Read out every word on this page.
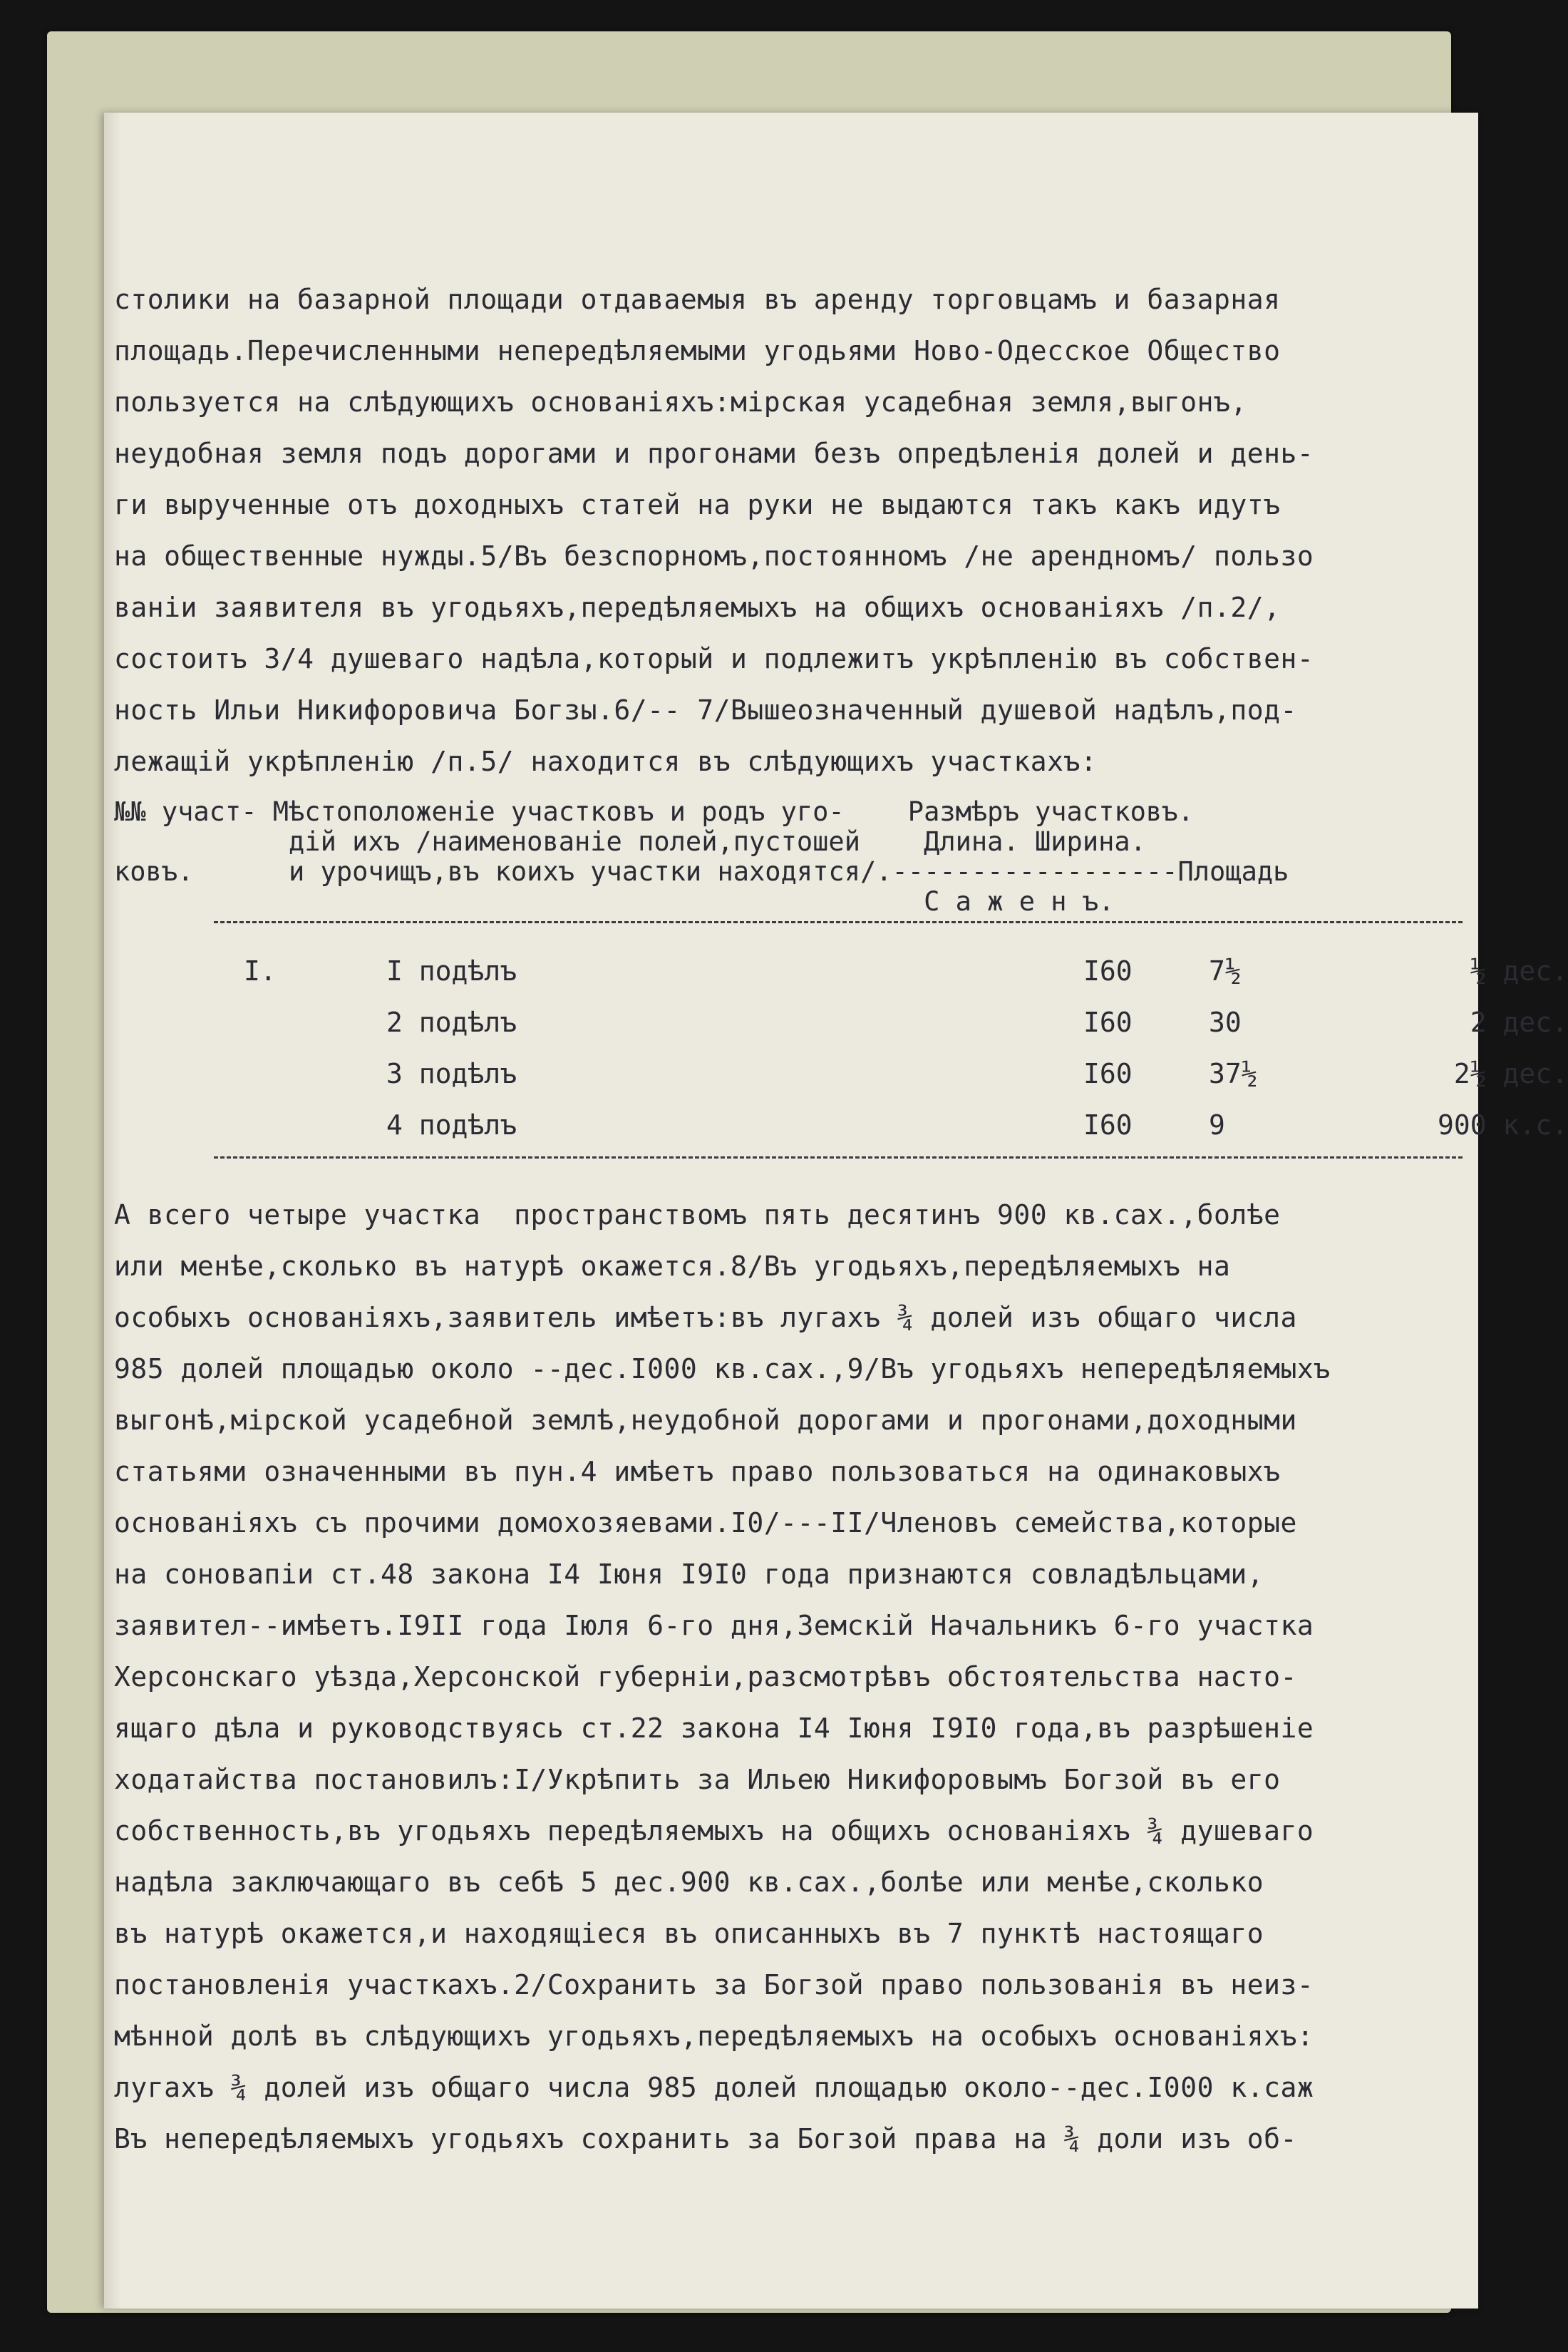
столики на базарной площади отдаваемыя въ аренду торговцамъ и базарная
площадь.Перечисленными непередѣляемыми угодьями Ново-Одесское Общество
пользуется на слѣдующихъ основаніяхъ:мірская усадебная земля,выгонъ,
неудобная земля подъ дорогами и прогонами безъ опредѣленія долей и день-
ги вырученные отъ доходныхъ статей на руки не выдаются такъ какъ идутъ
на общественные нужды.5/Въ безспорномъ,постоянномъ /не арендномъ/ пользо
ваніи заявителя въ угодьяхъ,передѣляемыхъ на общихъ основаніяхъ /п.2/,
состоитъ 3/4 душеваго надѣла,который и подлежитъ укрѣпленію въ собствен-
ность Ильи Никифоровича Богзы.6/-- 7/Вышеозначенный душевой надѣлъ,под-
лежащій укрѣпленію /п.5/ находится въ слѣдующихъ участкахъ:
№№ участ- Мѣстоположеніе участковъ и родъ уго-    Размѣръ участковъ.
дій ихъ /наименованіе полей,пустошей    Длина. Ширина.
ковъ.      и урочищъ,въ коихъ участки находятся/.------------------Площадь
С а ж е н ъ.
I.	I подѣлъ	I60	7½	½ дес.
2 подѣлъ	I60	30	2 дес.
3 подѣлъ	I60	37½	2½ дес.
4 подѣлъ	I60	9	900 к.с.
А всего четыре участка  пространствомъ пять десятинъ 900 кв.сах.,болѣе
или менѣе,сколько въ натурѣ окажется.8/Въ угодьяхъ,передѣляемыхъ на
особыхъ основаніяхъ,заявитель имѣетъ:въ лугахъ ¾ долей изъ общаго числа
985 долей площадью около --дес.I000 кв.сах.,9/Въ угодьяхъ непередѣляемыхъ
выгонѣ,мірской усадебной землѣ,неудобной дорогами и прогонами,доходными
статьями означенными въ пун.4 имѣетъ право пользоваться на одинаковыхъ
основаніяхъ съ прочими домохозяевами.I0/---II/Членовъ семейства,которые
на соновапіи ст.48 закона I4 Іюня I9I0 года признаются совладѣльцами,
заявител--имѣетъ.I9II года Іюля 6-го дня,Земскій Начальникъ 6-го участка
Херсонскаго уѣзда,Херсонской губерніи,разсмотрѣвъ обстоятельства насто-
ящаго дѣла и руководствуясь ст.22 закона I4 Іюня I9I0 года,въ разрѣшеніе
ходатайства постановилъ:I/Укрѣпить за Ильею Никифоровымъ Богзой въ его
собственность,въ угодьяхъ передѣляемыхъ на общихъ основаніяхъ ¾ душеваго
надѣла заключающаго въ себѣ 5 дес.900 кв.сах.,болѣе или менѣе,сколько
въ натурѣ окажется,и находящіеся въ описанныхъ въ 7 пунктѣ настоящаго
постановленія участкахъ.2/Сохранить за Богзой право пользованія въ неиз-
мѣнной долѣ въ слѣдующихъ угодьяхъ,передѣляемыхъ на особыхъ основаніяхъ:
лугахъ ¾ долей изъ общаго числа 985 долей площадью около--дес.I000 к.саж
Въ непередѣляемыхъ угодьяхъ сохранить за Богзой права на ¾ доли изъ об-
